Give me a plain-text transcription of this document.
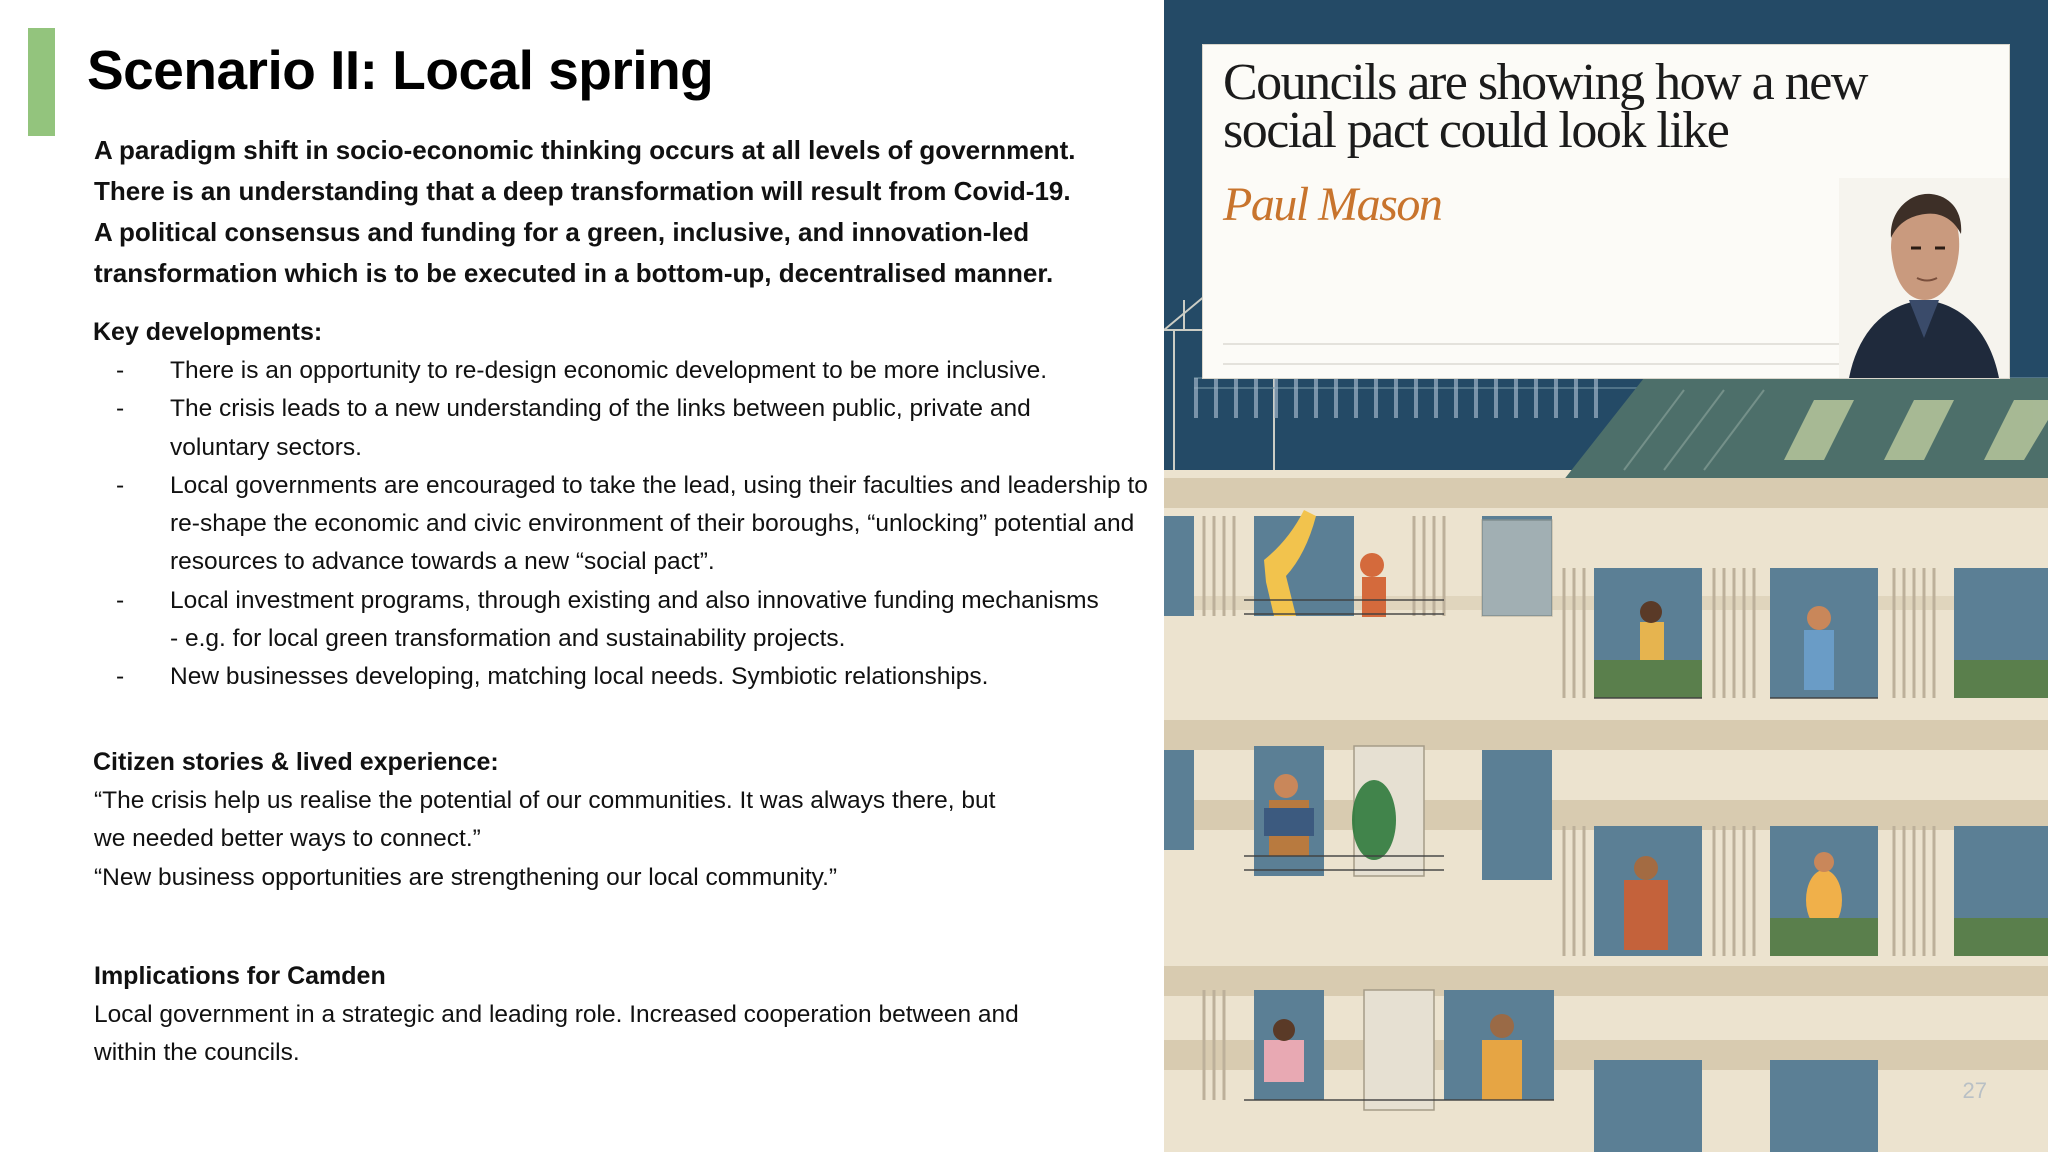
Scenario II: Local spring

A paradigm shift in socio-economic thinking occurs at all levels of government.

There is an understanding that a deep transformation will result from Covid-19.

A political consensus and funding for a green, inclusive, and innovation-led

transformation which is to be executed in a bottom-up, decentralised manner.

Key developments:
- There is an opportunity to re-design economic development to be more inclusive.
- The crisis leads to a new understanding of the links between public, private and voluntary sectors.
- Local governments are encouraged to take the lead, using their faculties and leadership to re-shape the economic and civic environment of their boroughs, “unlocking” potential and resources to advance towards a new “social pact”.
- Local investment programs, through existing and also innovative funding mechanisms - e.g. for local green transformation and sustainability projects.
- New businesses developing, matching local needs. Symbiotic relationships.
Citizen stories & lived experience:

“The crisis help us realise the potential of our communities. It was always there, but

we needed better ways to connect.”

“New business opportunities are strengthening our local community.”

Implications for Camden

Local government in a strategic and leading role. Increased cooperation between and

within the councils.

Councils are showing how a new
social pact could look like
Paul Mason
27
